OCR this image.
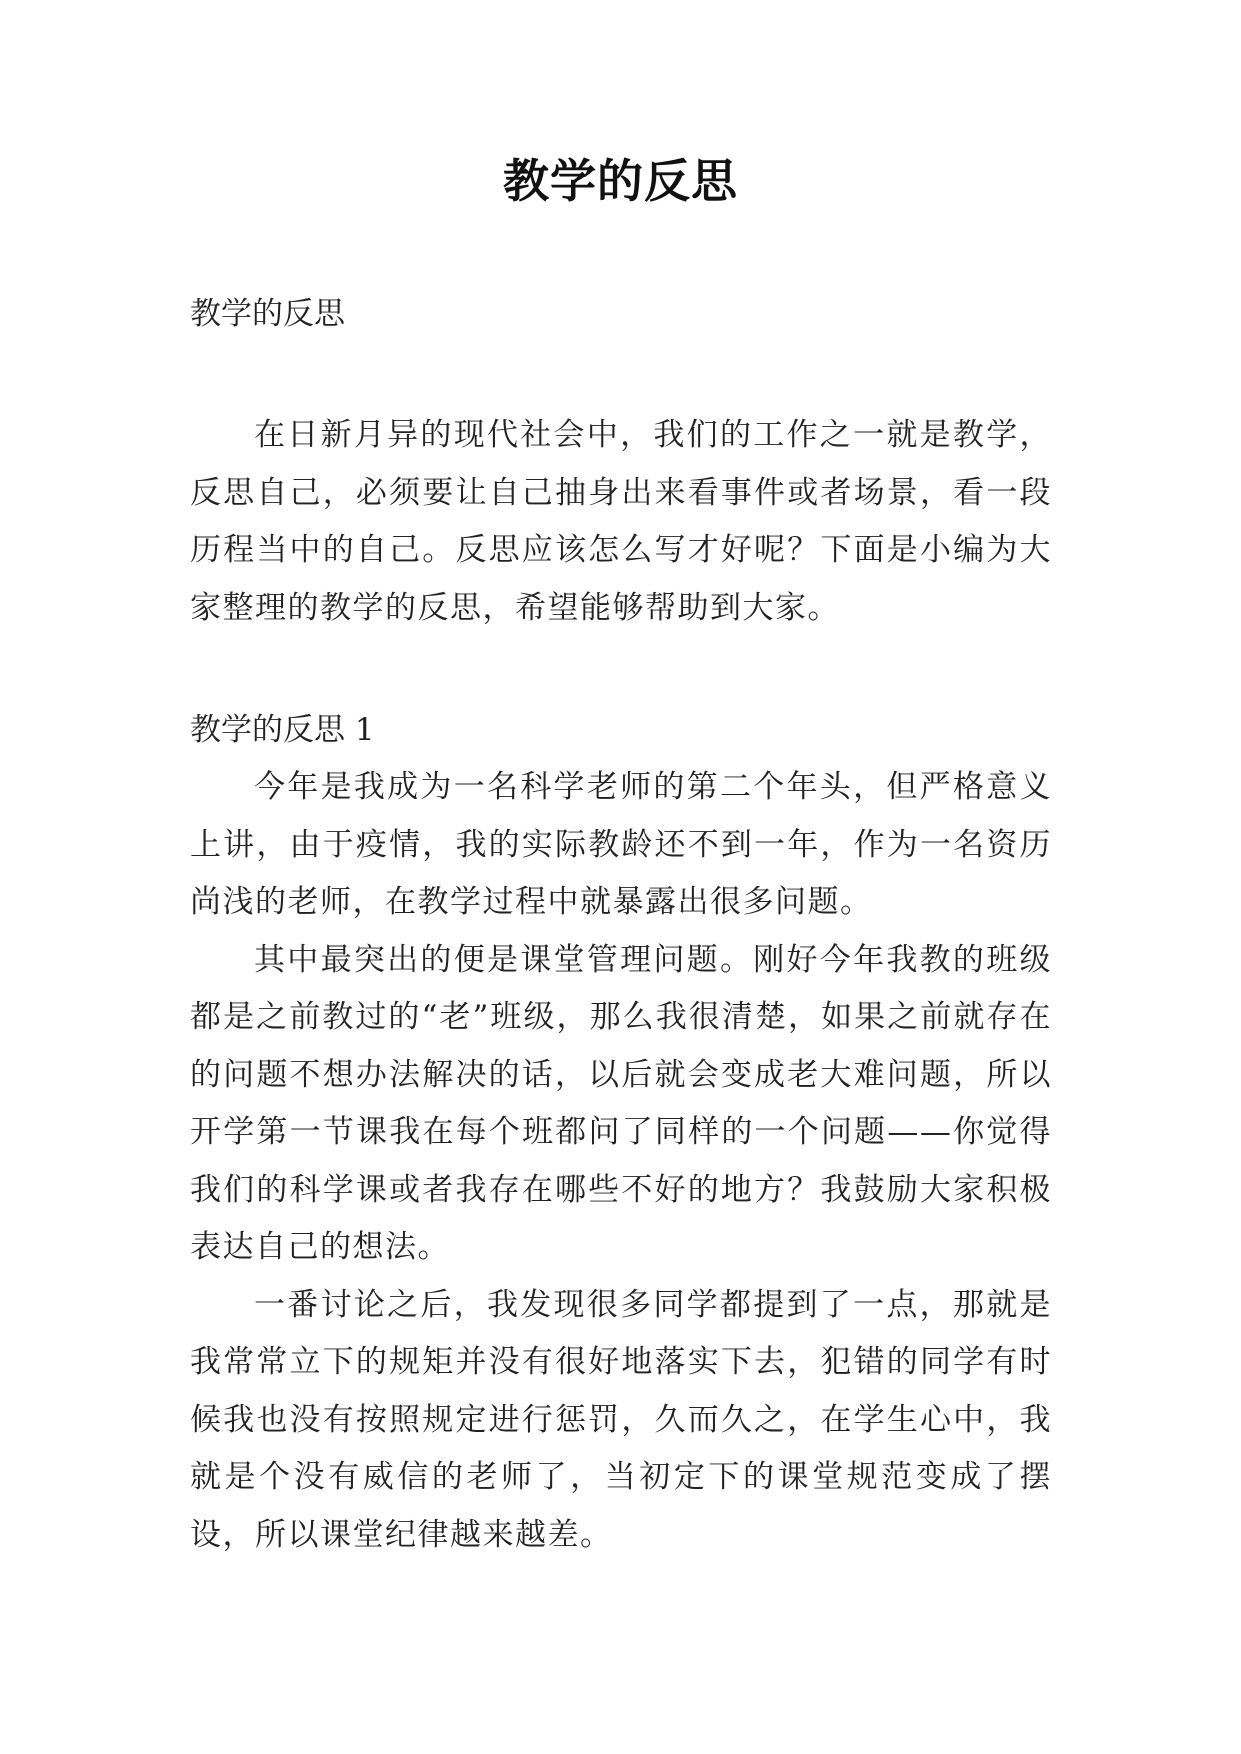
教学的反思

教学的反思

在日新月异的现代社会中，我们的工作之一就是教学，反思自己，必须要让自己抽身出来看事件或者场景，看一段历程当中的自己。反思应该怎么写才好呢？下面是小编为大家整理的教学的反思，希望能够帮助到大家。

教学的反思 1

今年是我成为一名科学老师的第二个年头，但严格意义上讲，由于疫情，我的实际教龄还不到一年，作为一名资历尚浅的老师，在教学过程中就暴露出很多问题。

其中最突出的便是课堂管理问题。刚好今年我教的班级都是之前教过的“老”班级，那么我很清楚，如果之前就存在的问题不想办法解决的话，以后就会变成老大难问题，所以开学第一节课我在每个班都问了同样的一个问题——你觉得我们的科学课或者我存在哪些不好的地方？我鼓励大家积极表达自己的想法。

一番讨论之后，我发现很多同学都提到了一点，那就是我常常立下的规矩并没有很好地落实下去，犯错的同学有时候我也没有按照规定进行惩罚，久而久之，在学生心中，我就是个没有威信的老师了，当初定下的课堂规范变成了摆设，所以课堂纪律越来越差。
